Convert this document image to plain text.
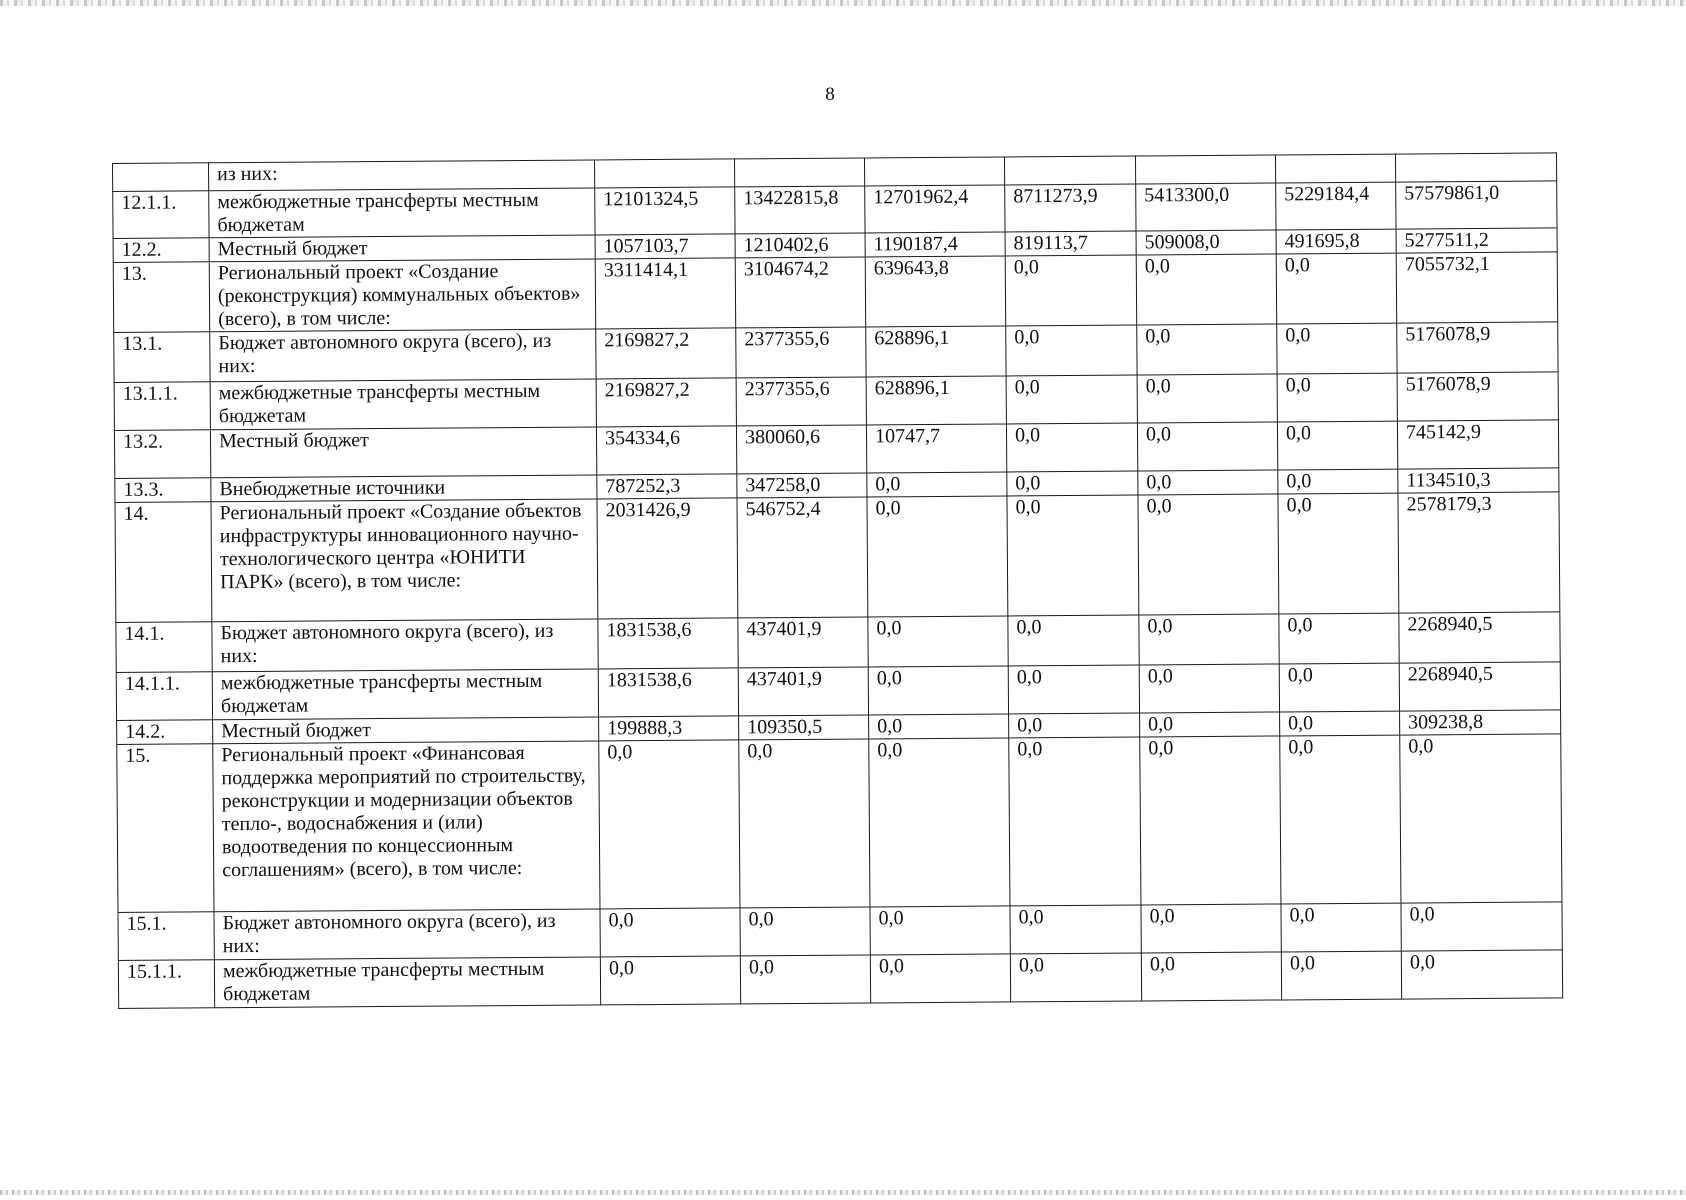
8
	из них:							
12.1.1.	межбюджетные трансферты местным бюджетам	12101324,5	13422815,8	12701962,4	8711273,9	5413300,0	5229184,4	57579861,0
12.2.	Местный бюджет	1057103,7	1210402,6	1190187,4	819113,7	509008,0	491695,8	5277511,2
13.	Региональный проект «Создание (реконструкция) коммунальных объектов» (всего), в том числе:	3311414,1	3104674,2	639643,8	0,0	0,0	0,0	7055732,1
13.1.	Бюджет автономного округа (всего), из них:	2169827,2	2377355,6	628896,1	0,0	0,0	0,0	5176078,9
13.1.1.	межбюджетные трансферты местным бюджетам	2169827,2	2377355,6	628896,1	0,0	0,0	0,0	5176078,9
13.2.	Местный бюджет	354334,6	380060,6	10747,7	0,0	0,0	0,0	745142,9
13.3.	Внебюджетные источники	787252,3	347258,0	0,0	0,0	0,0	0,0	1134510,3
14.	Региональный проект «Создание объектов инфраструктуры инновационного научно-технологического центра «ЮНИТИ ПАРК» (всего), в том числе:	2031426,9	546752,4	0,0	0,0	0,0	0,0	2578179,3
14.1.	Бюджет автономного округа (всего), из них:	1831538,6	437401,9	0,0	0,0	0,0	0,0	2268940,5
14.1.1.	межбюджетные трансферты местным бюджетам	1831538,6	437401,9	0,0	0,0	0,0	0,0	2268940,5
14.2.	Местный бюджет	199888,3	109350,5	0,0	0,0	0,0	0,0	309238,8
15.	Региональный проект «Финансовая поддержка мероприятий по строительству, реконструкции и модернизации объектов тепло-, водоснабжения и (или) водоотведения по концессионным соглашениям» (всего), в том числе:	0,0	0,0	0,0	0,0	0,0	0,0	0,0
15.1.	Бюджет автономного округа (всего), из них:	0,0	0,0	0,0	0,0	0,0	0,0	0,0
15.1.1.	межбюджетные трансферты местным бюджетам	0,0	0,0	0,0	0,0	0,0	0,0	0,0
